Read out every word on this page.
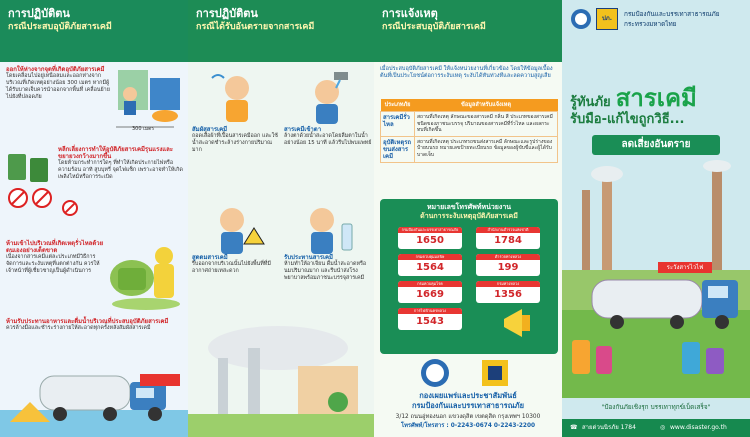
การปฏิบัติตน
กรณีประสบอุบัติภัยสารเคมี
ออกให้ห่างจากจุดที่เกิดอุบัติภัยสารเคมี
โดยเคลื่อนไปอยู่เหนือลมและออกห่างจากบริเวณที่เกิดเหตุอย่างน้อย 300 เมตร หากมีผู้ได้รับบาดเจ็บควรนำออกจากพื้นที่ เคลื่อนย้ายไปยังที่ปลอดภัย
300 เมตร
หลีกเลี่ยงการทำให้อุบัติภัยสารเคมีรุนแรงและขยายวงกว้างมากขึ้น
โดยห้ามกระทำการใดๆ ที่ทำให้เกิดประกายไฟหรือความร้อน อาทิ สูบบุหรี่ จุดไฟแช็ก เพราะอาจทำให้เกิดเพลิงไหม้หรือการระเบิด
ห้ามเข้าไปบริเวณที่เกิดเหตุรั่วไหลด้วยตนเองอย่างเด็ดขาด
เนื่องจากสารเคมีแต่ละประเภทมีวิธีการจัดการและระงับเหตุที่แตกต่างกัน ควรให้เจ้าหน้าที่ผู้เชี่ยวชาญเป็นผู้ดำเนินการ
ห้ามรับประทานอาหารและดื่มน้ำบริเวณที่ประสบอุบัติภัยสารเคมี
ควรล้างมือและชำระร่างกายให้สะอาดทุกครั้งหลังสัมผัสสารเคมี
การปฏิบัติตน
กรณีได้รับอันตรายจากสารเคมี
สัมผัสสารเคมี
ถอดเสื้อผ้าที่เปื้อนสารเคมีออก และใช้น้ำสะอาดชำระล้างร่างกายปริมาณมาก
สารเคมีเข้าตา
ล้างตาด้วยน้ำสะอาดโดยลืมตาในน้ำอย่างน้อย 15 นาที แล้วรีบไปพบแพทย์
สูดดมสารเคมี
รีบออกจากบริเวณนั้นไปยังพื้นที่ที่มีอากาศถ่ายเทสะดวก
รับประทานสารเคมี
ห้ามทำให้อาเจียน ดื่มน้ำสะอาดหรือนมปริมาณมาก และรีบนำส่งโรงพยาบาลพร้อมภาชนะบรรจุสารเคมี
การแจ้งเหตุ
กรณีประสบอุบัติภัยสารเคมี
เมื่อประสบอุบัติภัยสารเคมี ให้แจ้งหน่วยงานที่เกี่ยวข้อง โดยให้ข้อมูลเบื้องต้นที่เป็นประโยชน์ต่อการระงับเหตุ ระงับได้ทันท่วงทีและลดความสูญเสีย
ประเภทภัย	ข้อมูลสำหรับแจ้งเหตุ
สารเคมีรั่วไหล	สถานที่เกิดเหตุ ลักษณะของสารเคมี กลิ่น สี ประเภทของสารเคมี ชนิดของภาชนะบรรจุ ปริมาณของสารเคมีที่รั่วไหล และผลกระทบที่เกิดขึ้น
อุบัติเหตุรถขนส่งสารเคมี	สถานที่เกิดเหตุ ประเภทรถขนส่งสารเคมี ลักษณะและรูปร่างของป้ายบนรถ หมายเลขป้ายทะเบียนรถ ข้อมูลของผู้ขับขี่และผู้ได้รับบาดเจ็บ
หมายเลขโทรศัพท์หน่วยงาน
ด้านการระงับเหตุอุบัติภัยสารเคมี
กรมป้องกันและบรรเทาสาธารณภัย
1650
สำนักงานตำรวจแห่งชาติ
1784
กรมควบคุมมลพิษ
1564
ตำรวจทางหลวง
199
กรมควบคุมโรค
1669
กรมทางหลวง
1356
การไฟฟ้านครหลวง
1543
กองเผยแพร่และประชาสัมพันธ์
กรมป้องกันและบรรเทาสาธารณภัย
3/12 ถนนอู่ทองนอก แขวงดุสิต เขตดุสิต กรุงเทพฯ 10300
โทรศัพท์/โทรสาร : 0-2243-0674 0-2243-2200
ปภ.
กรมป้องกันและบรรเทาสาธารณภัย
กระทรวงมหาดไทย
รู้ทันภัย สารเคมี
รับมือ-แก้ไขถูกวิธี...
ลดเสี่ยงอันตราย
ระวังสารไวไฟ
"ป้องกันภัยเชิงรุก บรรเทาทุกข์เบ็ดเสร็จ"
☎ สายด่วนนิรภัย 1784	◎ www.disaster.go.th
